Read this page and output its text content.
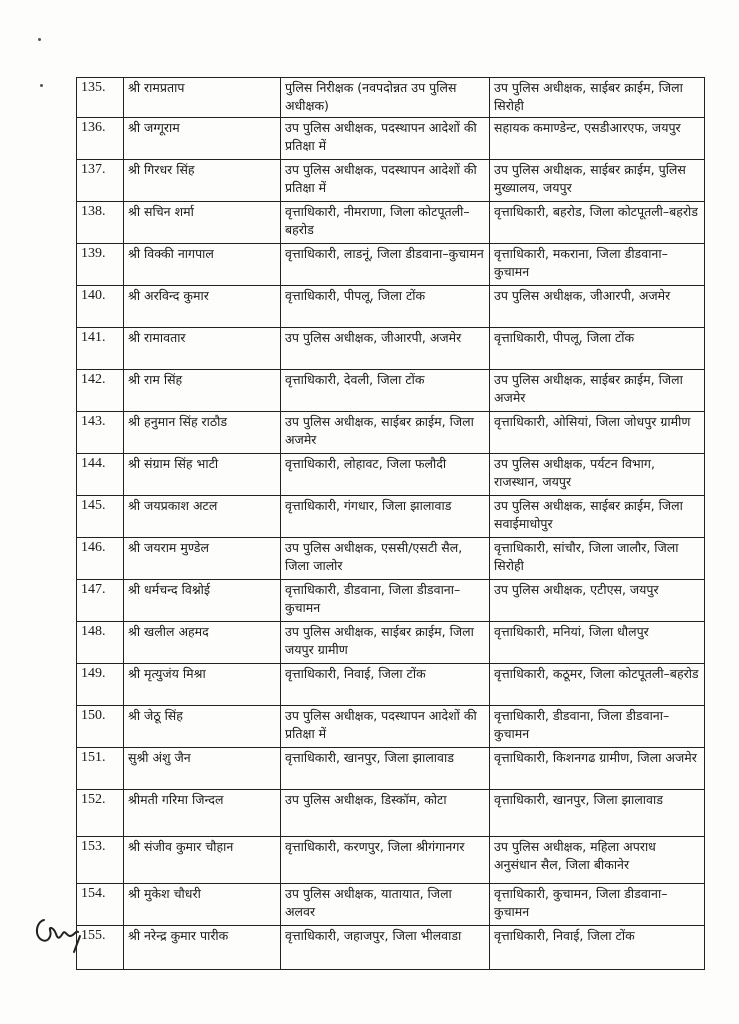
135.	श्री रामप्रताप	पुलिस निरीक्षक (नवपदोन्नत उप पुलिस अधीक्षक)	उप पुलिस अधीक्षक, साईबर क्राईम, जिला सिरोही
136.	श्री जग्गूराम	उप पुलिस अधीक्षक, पदस्थापन आदेशों की प्रतिक्षा में	सहायक कमाण्डेन्ट, एसडीआरएफ, जयपुर
137.	श्री गिरधर सिंह	उप पुलिस अधीक्षक, पदस्थापन आदेशों की प्रतिक्षा में	उप पुलिस अधीक्षक, साईबर क्राईम, पुलिस मुख्यालय, जयपुर
138.	श्री सचिन शर्मा	वृत्ताधिकारी, नीमराणा, जिला कोटपूतली–बहरोड	वृत्ताधिकारी, बहरोड, जिला कोटपूतली–बहरोड
139.	श्री विक्की नागपाल	वृत्ताधिकारी, लाडनूं, जिला डीडवाना–कुचामन	वृत्ताधिकारी, मकराना, जिला डीडवाना–कुचामन
140.	श्री अरविन्द कुमार	वृत्ताधिकारी, पीपलू, जिला टोंक	उप पुलिस अधीक्षक, जीआरपी, अजमेर
141.	श्री रामावतार	उप पुलिस अधीक्षक, जीआरपी, अजमेर	वृत्ताधिकारी, पीपलू, जिला टोंक
142.	श्री राम सिंह	वृत्ताधिकारी, देवली, जिला टोंक	उप पुलिस अधीक्षक, साईबर क्राईम, जिला अजमेर
143.	श्री हनुमान सिंह राठौड	उप पुलिस अधीक्षक, साईबर क्राईम, जिला अजमेर	वृत्ताधिकारी, ओसियां, जिला जोधपुर ग्रामीण
144.	श्री संग्राम सिंह भाटी	वृत्ताधिकारी, लोहावट, जिला फलौदी	उप पुलिस अधीक्षक, पर्यटन विभाग, राजस्थान, जयपुर
145.	श्री जयप्रकाश अटल	वृत्ताधिकारी, गंगधार, जिला झालावाड	उप पुलिस अधीक्षक, साईबर क्राईम, जिला सवाईमाधोपुर
146.	श्री जयराम मुण्डेल	उप पुलिस अधीक्षक, एससी/एसटी सैल, जिला जालोर	वृत्ताधिकारी, सांचौर, जिला जालौर, जिला सिरोही
147.	श्री धर्मचन्द विश्नोई	वृत्ताधिकारी, डीडवाना, जिला डीडवाना–कुचामन	उप पुलिस अधीक्षक, एटीएस, जयपुर
148.	श्री खलील अहमद	उप पुलिस अधीक्षक, साईबर क्राईम, जिला जयपुर ग्रामीण	वृत्ताधिकारी, मनियां, जिला धौलपुर
149.	श्री मृत्युजंय मिश्रा	वृत्ताधिकारी, निवाई, जिला टोंक	वृत्ताधिकारी, कठूमर, जिला कोटपूतली–बहरोड
150.	श्री जेठू सिंह	उप पुलिस अधीक्षक, पदस्थापन आदेशों की प्रतिक्षा में	वृत्ताधिकारी, डीडवाना, जिला डीडवाना–कुचामन
151.	सुश्री अंशु जैन	वृत्ताधिकारी, खानपुर, जिला झालावाड	वृत्ताधिकारी, किशनगढ ग्रामीण, जिला अजमेर
152.	श्रीमती गरिमा जिन्दल	उप पुलिस अधीक्षक, डिस्कॉम, कोटा	वृत्ताधिकारी, खानपुर, जिला झालावाड
153.	श्री संजीव कुमार चौहान	वृत्ताधिकारी, करणपुर, जिला श्रीगंगानगर	उप पुलिस अधीक्षक, महिला अपराध अनुसंधान सैल, जिला बीकानेर
154.	श्री मुकेश चौधरी	उप पुलिस अधीक्षक, यातायात, जिला अलवर	वृत्ताधिकारी, कुचामन, जिला डीडवाना–कुचामन
155.	श्री नरेन्द्र कुमार पारीक	वृत्ताधिकारी, जहाजपुर, जिला भीलवाडा	वृत्ताधिकारी, निवाई, जिला टोंक
